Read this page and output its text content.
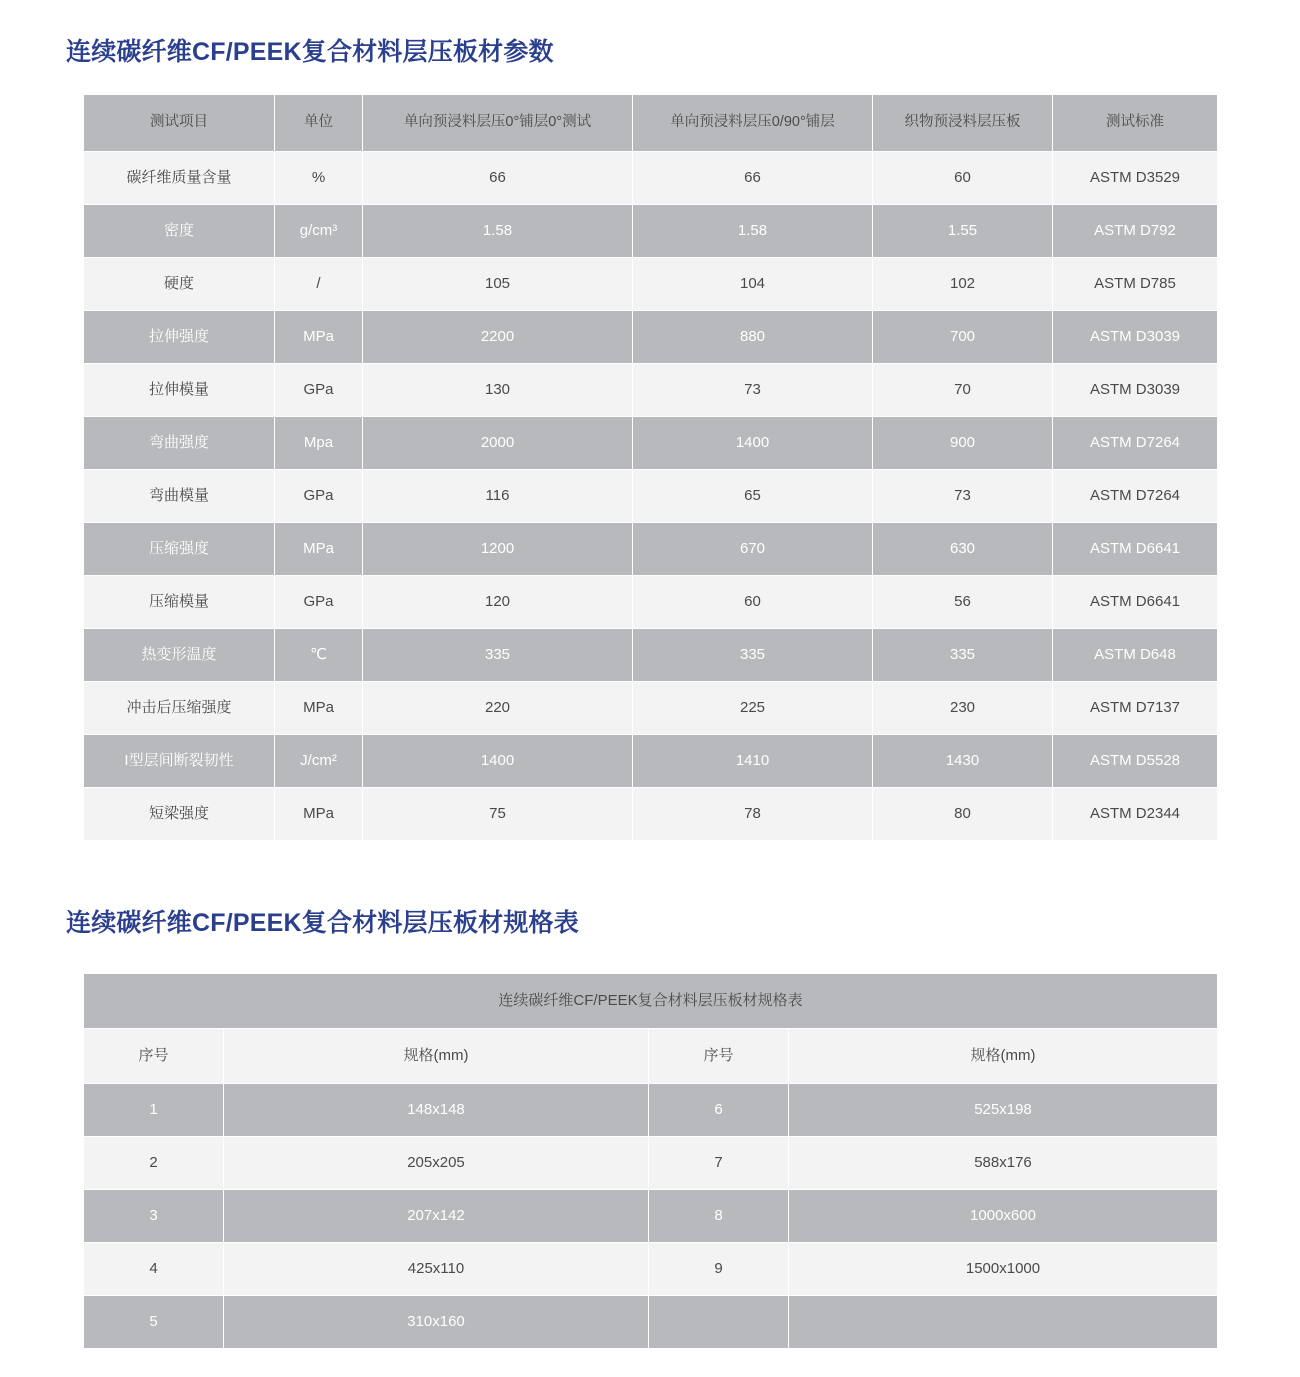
连续碳纤维CF/PEEK复合材料层压板材参数
测试项目	单位	单向预浸料层压0°铺层0°测试	单向预浸料层压0/90°铺层	织物预浸料层压板	测试标准
碳纤维质量含量	%	66	66	60	ASTM D3529
密度	g/cm³	1.58	1.58	1.55	ASTM D792
硬度	/	105	104	102	ASTM D785
拉伸强度	MPa	2200	880	700	ASTM D3039
拉伸模量	GPa	130	73	70	ASTM D3039
弯曲强度	Mpa	2000	1400	900	ASTM D7264
弯曲模量	GPa	116	65	73	ASTM D7264
压缩强度	MPa	1200	670	630	ASTM D6641
压缩模量	GPa	120	60	56	ASTM D6641
热变形温度	℃	335	335	335	ASTM D648
冲击后压缩强度	MPa	220	225	230	ASTM D7137
I型层间断裂韧性	J/cm²	1400	1410	1430	ASTM D5528
短梁强度	MPa	75	78	80	ASTM D2344
连续碳纤维CF/PEEK复合材料层压板材规格表
连续碳纤维CF/PEEK复合材料层压板材规格表			
序号	规格(mm)	序号	规格(mm)
1	148x148	6	525x198
2	205x205	7	588x176
3	207x142	8	1000x600
4	425x110	9	1500x1000
5	310x160		
